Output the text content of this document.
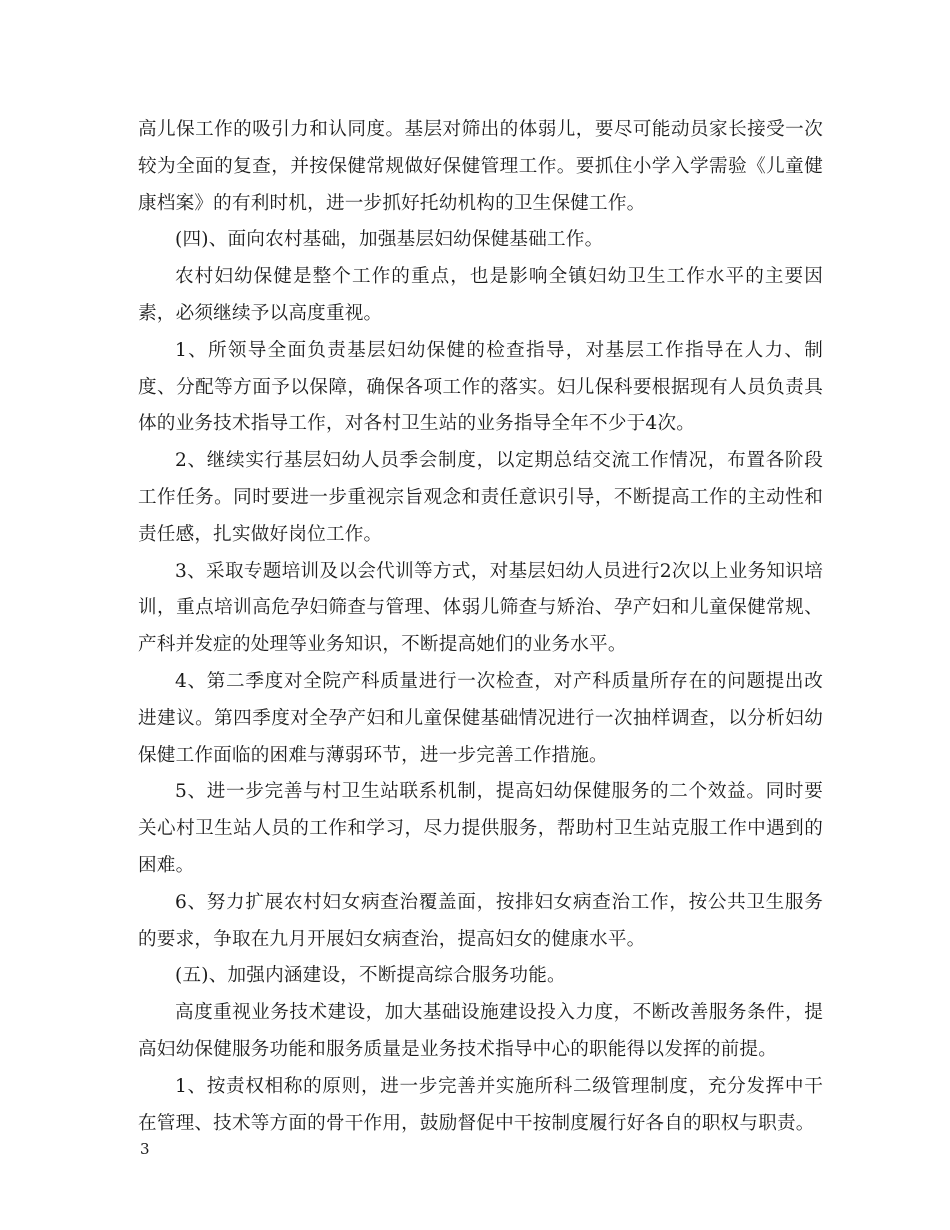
高儿保工作的吸引力和认同度。基层对筛出的体弱儿，要尽可能动员家长接受一次较为全面的复查，并按保健常规做好保健管理工作。要抓住小学入学需验《儿童健康档案》的有利时机，进一步抓好托幼机构的卫生保健工作。

(四)、面向农村基础，加强基层妇幼保健基础工作。

农村妇幼保健是整个工作的重点，也是影响全镇妇幼卫生工作水平的主要因素，必须继续予以高度重视。

1、所领导全面负责基层妇幼保健的检查指导，对基层工作指导在人力、制度、分配等方面予以保障，确保各项工作的落实。妇儿保科要根据现有人员负责具体的业务技术指导工作，对各村卫生站的业务指导全年不少于4次。

2、继续实行基层妇幼人员季会制度，以定期总结交流工作情况，布置各阶段工作任务。同时要进一步重视宗旨观念和责任意识引导，不断提高工作的主动性和责任感，扎实做好岗位工作。

3、采取专题培训及以会代训等方式，对基层妇幼人员进行2次以上业务知识培训，重点培训高危孕妇筛查与管理、体弱儿筛查与矫治、孕产妇和儿童保健常规、产科并发症的处理等业务知识，不断提高她们的业务水平。

4、第二季度对全院产科质量进行一次检查，对产科质量所存在的问题提出改进建议。第四季度对全孕产妇和儿童保健基础情况进行一次抽样调查，以分析妇幼保健工作面临的困难与薄弱环节，进一步完善工作措施。

5、进一步完善与村卫生站联系机制，提高妇幼保健服务的二个效益。同时要关心村卫生站人员的工作和学习，尽力提供服务，帮助村卫生站克服工作中遇到的困难。

6、努力扩展农村妇女病查治覆盖面，按排妇女病查治工作，按公共卫生服务的要求，争取在九月开展妇女病查治，提高妇女的健康水平。

(五)、加强内涵建设，不断提高综合服务功能。

高度重视业务技术建设，加大基础设施建设投入力度，不断改善服务条件，提高妇幼保健服务功能和服务质量是业务技术指导中心的职能得以发挥的前提。

1、按责权相称的原则，进一步完善并实施所科二级管理制度，充分发挥中干在管理、技术等方面的骨干作用，鼓励督促中干按制度履行好各自的职权与职责。

3
